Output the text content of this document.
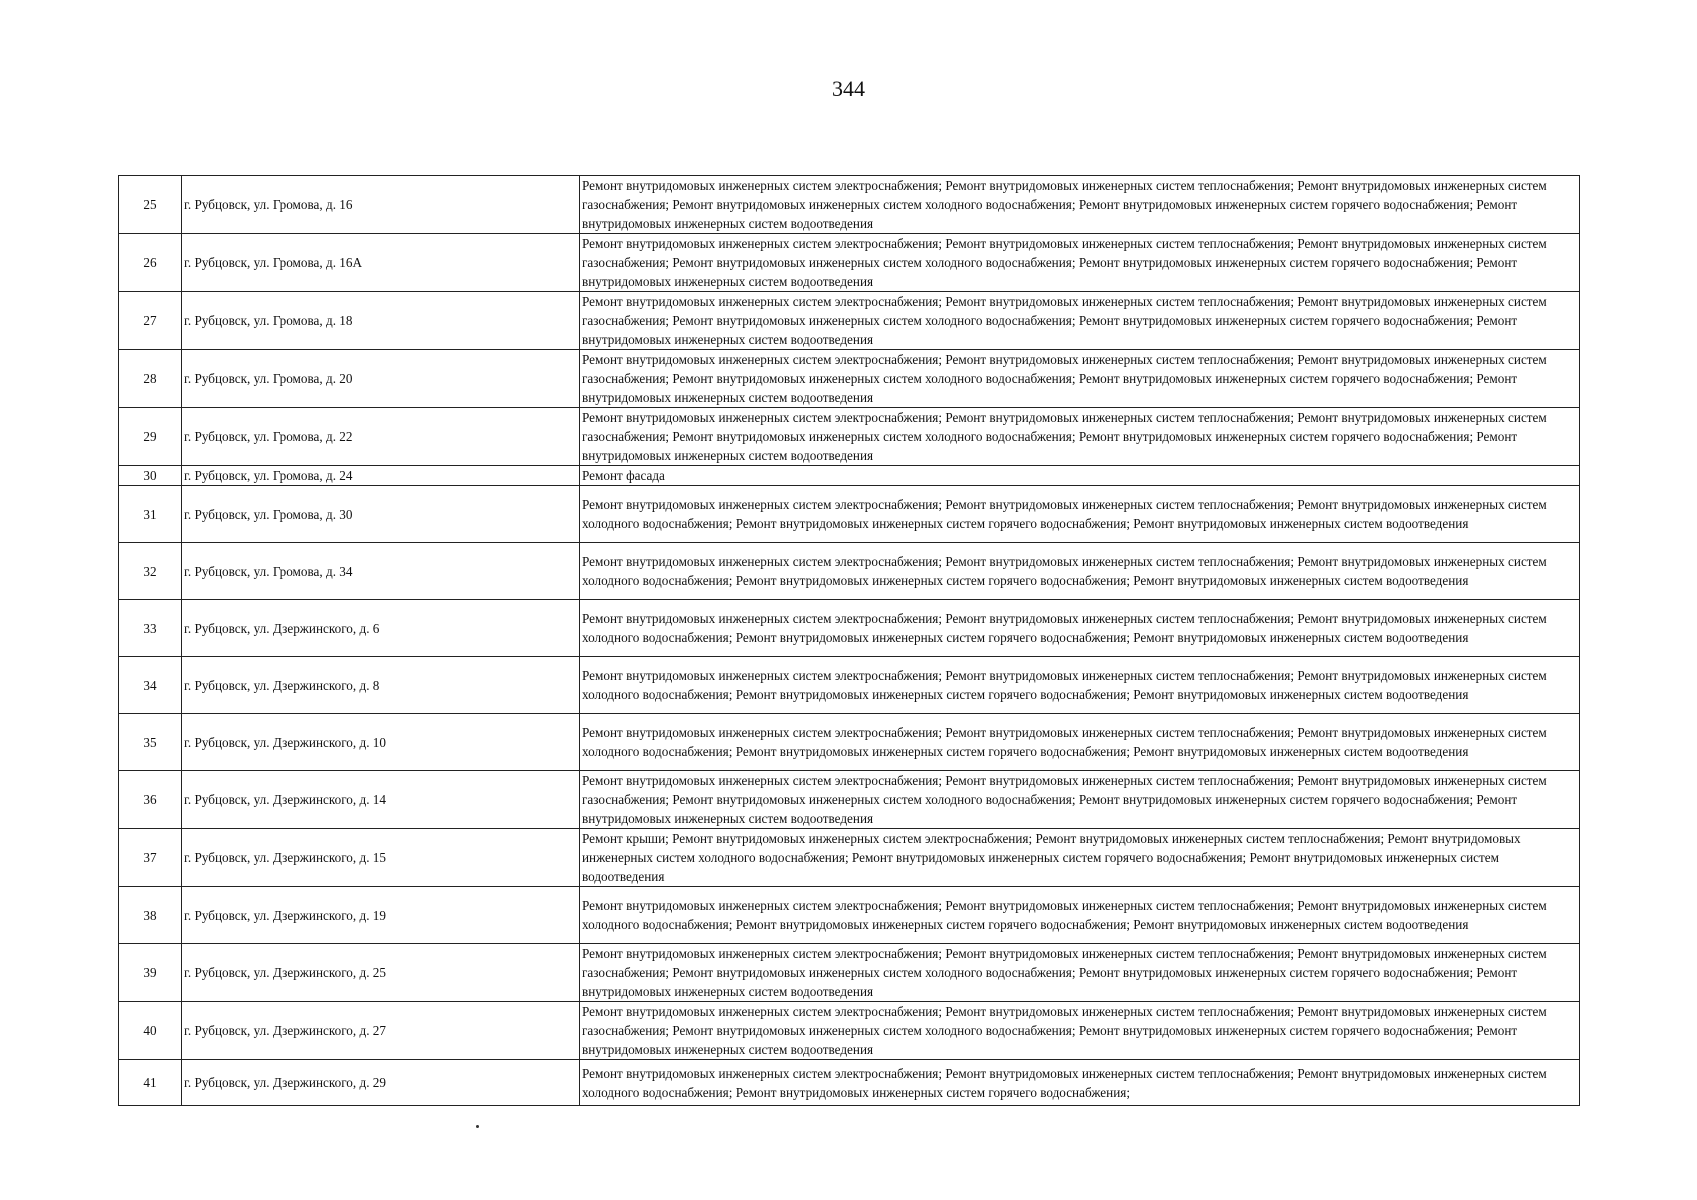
344
25	г. Рубцовск, ул. Громова, д. 16	Ремонт внутридомовых инженерных систем электроснабжения; Ремонт внутридомовых инженерных систем теплоснабжения; Ремонт внутридомовых инженерных систем газоснабжения; Ремонт внутридомовых инженерных систем холодного водоснабжения; Ремонт внутридомовых инженерных систем горячего водоснабжения; Ремонт внутридомовых инженерных систем водоотведения
26	г. Рубцовск, ул. Громова, д. 16А	Ремонт внутридомовых инженерных систем электроснабжения; Ремонт внутридомовых инженерных систем теплоснабжения; Ремонт внутридомовых инженерных систем газоснабжения; Ремонт внутридомовых инженерных систем холодного водоснабжения; Ремонт внутридомовых инженерных систем горячего водоснабжения; Ремонт внутридомовых инженерных систем водоотведения
27	г. Рубцовск, ул. Громова, д. 18	Ремонт внутридомовых инженерных систем электроснабжения; Ремонт внутридомовых инженерных систем теплоснабжения; Ремонт внутридомовых инженерных систем газоснабжения; Ремонт внутридомовых инженерных систем холодного водоснабжения; Ремонт внутридомовых инженерных систем горячего водоснабжения; Ремонт внутридомовых инженерных систем водоотведения
28	г. Рубцовск, ул. Громова, д. 20	Ремонт внутридомовых инженерных систем электроснабжения; Ремонт внутридомовых инженерных систем теплоснабжения; Ремонт внутридомовых инженерных систем газоснабжения; Ремонт внутридомовых инженерных систем холодного водоснабжения; Ремонт внутридомовых инженерных систем горячего водоснабжения; Ремонт внутридомовых инженерных систем водоотведения
29	г. Рубцовск, ул. Громова, д. 22	Ремонт внутридомовых инженерных систем электроснабжения; Ремонт внутридомовых инженерных систем теплоснабжения; Ремонт внутридомовых инженерных систем газоснабжения; Ремонт внутридомовых инженерных систем холодного водоснабжения; Ремонт внутридомовых инженерных систем горячего водоснабжения; Ремонт внутридомовых инженерных систем водоотведения
30	г. Рубцовск, ул. Громова, д. 24	Ремонт фасада
31	г. Рубцовск, ул. Громова, д. 30	Ремонт внутридомовых инженерных систем электроснабжения; Ремонт внутридомовых инженерных систем теплоснабжения; Ремонт внутридомовых инженерных систем холодного водоснабжения; Ремонт внутридомовых инженерных систем горячего водоснабжения; Ремонт внутридомовых инженерных систем водоотведения
32	г. Рубцовск, ул. Громова, д. 34	Ремонт внутридомовых инженерных систем электроснабжения; Ремонт внутридомовых инженерных систем теплоснабжения; Ремонт внутридомовых инженерных систем холодного водоснабжения; Ремонт внутридомовых инженерных систем горячего водоснабжения; Ремонт внутридомовых инженерных систем водоотведения
33	г. Рубцовск, ул. Дзержинского, д. 6	Ремонт внутридомовых инженерных систем электроснабжения; Ремонт внутридомовых инженерных систем теплоснабжения; Ремонт внутридомовых инженерных систем холодного водоснабжения; Ремонт внутридомовых инженерных систем горячего водоснабжения; Ремонт внутридомовых инженерных систем водоотведения
34	г. Рубцовск, ул. Дзержинского, д. 8	Ремонт внутридомовых инженерных систем электроснабжения; Ремонт внутридомовых инженерных систем теплоснабжения; Ремонт внутридомовых инженерных систем холодного водоснабжения; Ремонт внутридомовых инженерных систем горячего водоснабжения; Ремонт внутридомовых инженерных систем водоотведения
35	г. Рубцовск, ул. Дзержинского, д. 10	Ремонт внутридомовых инженерных систем электроснабжения; Ремонт внутридомовых инженерных систем теплоснабжения; Ремонт внутридомовых инженерных систем холодного водоснабжения; Ремонт внутридомовых инженерных систем горячего водоснабжения; Ремонт внутридомовых инженерных систем водоотведения
36	г. Рубцовск, ул. Дзержинского, д. 14	Ремонт внутридомовых инженерных систем электроснабжения; Ремонт внутридомовых инженерных систем теплоснабжения; Ремонт внутридомовых инженерных систем газоснабжения; Ремонт внутридомовых инженерных систем холодного водоснабжения; Ремонт внутридомовых инженерных систем горячего водоснабжения; Ремонт внутридомовых инженерных систем водоотведения
37	г. Рубцовск, ул. Дзержинского, д. 15	Ремонт крыши; Ремонт внутридомовых инженерных систем электроснабжения; Ремонт внутридомовых инженерных систем теплоснабжения; Ремонт внутридомовых инженерных систем холодного водоснабжения; Ремонт внутридомовых инженерных систем горячего водоснабжения; Ремонт внутридомовых инженерных систем водоотведения
38	г. Рубцовск, ул. Дзержинского, д. 19	Ремонт внутридомовых инженерных систем электроснабжения; Ремонт внутридомовых инженерных систем теплоснабжения; Ремонт внутридомовых инженерных систем холодного водоснабжения; Ремонт внутридомовых инженерных систем горячего водоснабжения; Ремонт внутридомовых инженерных систем водоотведения
39	г. Рубцовск, ул. Дзержинского, д. 25	Ремонт внутридомовых инженерных систем электроснабжения; Ремонт внутридомовых инженерных систем теплоснабжения; Ремонт внутридомовых инженерных систем газоснабжения; Ремонт внутридомовых инженерных систем холодного водоснабжения; Ремонт внутридомовых инженерных систем горячего водоснабжения; Ремонт внутридомовых инженерных систем водоотведения
40	г. Рубцовск, ул. Дзержинского, д. 27	Ремонт внутридомовых инженерных систем электроснабжения; Ремонт внутридомовых инженерных систем теплоснабжения; Ремонт внутридомовых инженерных систем газоснабжения; Ремонт внутридомовых инженерных систем холодного водоснабжения; Ремонт внутридомовых инженерных систем горячего водоснабжения; Ремонт внутридомовых инженерных систем водоотведения
41	г. Рубцовск, ул. Дзержинского, д. 29	Ремонт внутридомовых инженерных систем электроснабжения; Ремонт внутридомовых инженерных систем теплоснабжения; Ремонт внутридомовых инженерных систем холодного водоснабжения; Ремонт внутридомовых инженерных систем горячего водоснабжения;
